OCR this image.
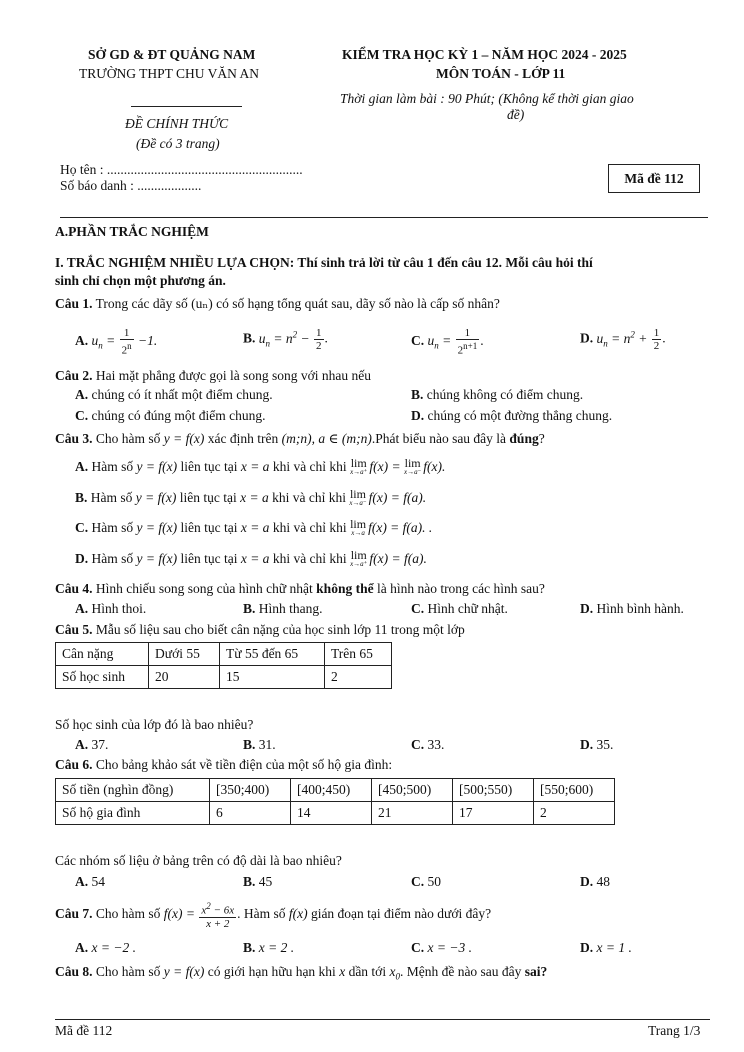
SỞ GD & ĐT QUẢNG NAM
TRƯỜNG THPT CHU VĂN AN
ĐỀ CHÍNH THỨC
(Đề có 3 trang)
KIỂM TRA HỌC KỲ 1 – NĂM HỌC 2024 - 2025
MÔN TOÁN - LỚP 11
Thời gian làm bài : 90 Phút; (Không kể thời gian giao
đề)
Họ tên : ..........................................................
Số báo danh : ...................	Mã đề 112
A.PHẦN TRẮC NGHIỆM
I. TRẮC NGHIỆM NHIỀU LỰA CHỌN: Thí sinh trả lời từ câu 1 đến câu 12. Mỗi câu hỏi thí
sinh chỉ chọn một phương án.
Câu 1. Trong các dãy số (uₙ) có số hạng tổng quát sau, dãy số nào là cấp số nhân?
A. $u_n = \frac{1}{2^n} -1$.	B. $u_n = n^2 - \frac{1}{2}$ .	C. $u_n = \frac{1}{2^{n+1}}$ .	D. $u_n = n^2 + \frac{1}{2}$ .
Câu 2. Hai mặt phẳng được gọi là song song với nhau nếu
A. chúng có ít nhất một điểm chung.	B. chúng không có điểm chung.
C. chúng có đúng một điểm chung.	D. chúng có một đường thẳng chung.
Câu 3. Cho hàm số y = f(x) xác định trên (m;n), a ∈ (m;n).Phát biểu nào sau đây là đúng?
A. Hàm số y = f(x) liên tục tại x = a khi và chỉ khi lim
x→a⁺ f(x) = lim
x→a⁻ f(x).
B. Hàm số y = f(x) liên tục tại x = a khi và chỉ khi lim
x→a⁻ f(x) = f(a).
C. Hàm số y = f(x) liên tục tại x = a khi và chỉ khi lim
x→a f(x) = f(a). .
D. Hàm số y = f(x) liên tục tại x = a khi và chỉ khi lim
x→a⁺ f(x) = f(a).
Câu 4. Hình chiếu song song của hình chữ nhật không thể là hình nào trong các hình sau?
A. Hình thoi.	B. Hình thang.	C. Hình chữ nhật.	D. Hình bình hành.
Câu 5. Mẫu số liệu sau cho biết cân nặng của học sinh lớp 11 trong một lớp
Cân nặng	Dưới 55	Từ 55 đến 65	Trên 65
Số học sinh	20	15	2
Số học sinh của lớp đó là bao nhiêu?
A. 37.	B. 31.	C. 33.	D. 35.
Câu 6. Cho bảng khảo sát về tiền điện của một số hộ gia đình:
Số tiền (nghìn đồng)	[350;400)	[400;450)	[450;500)	[500;550)	[550;600)
Số hộ gia đình	6	14	21	17	2
Các nhóm số liệu ở bảng trên có độ dài là bao nhiêu?
A. 54	B. 45	C. 50	D. 48
Câu 7. Cho hàm số $f(x) = \frac{x^2 - 6x}{x + 2}$ . Hàm số f(x) gián đoạn tại điểm nào dưới đây?
A. x = −2 .	B. x = 2 .	C. x = −3 .	D. x = 1 .
Câu 8. Cho hàm số y = f(x) có giới hạn hữu hạn khi x dần tới $x_0$. Mệnh đề nào sau đây sai?
Mã đề 112	Trang 1/3
